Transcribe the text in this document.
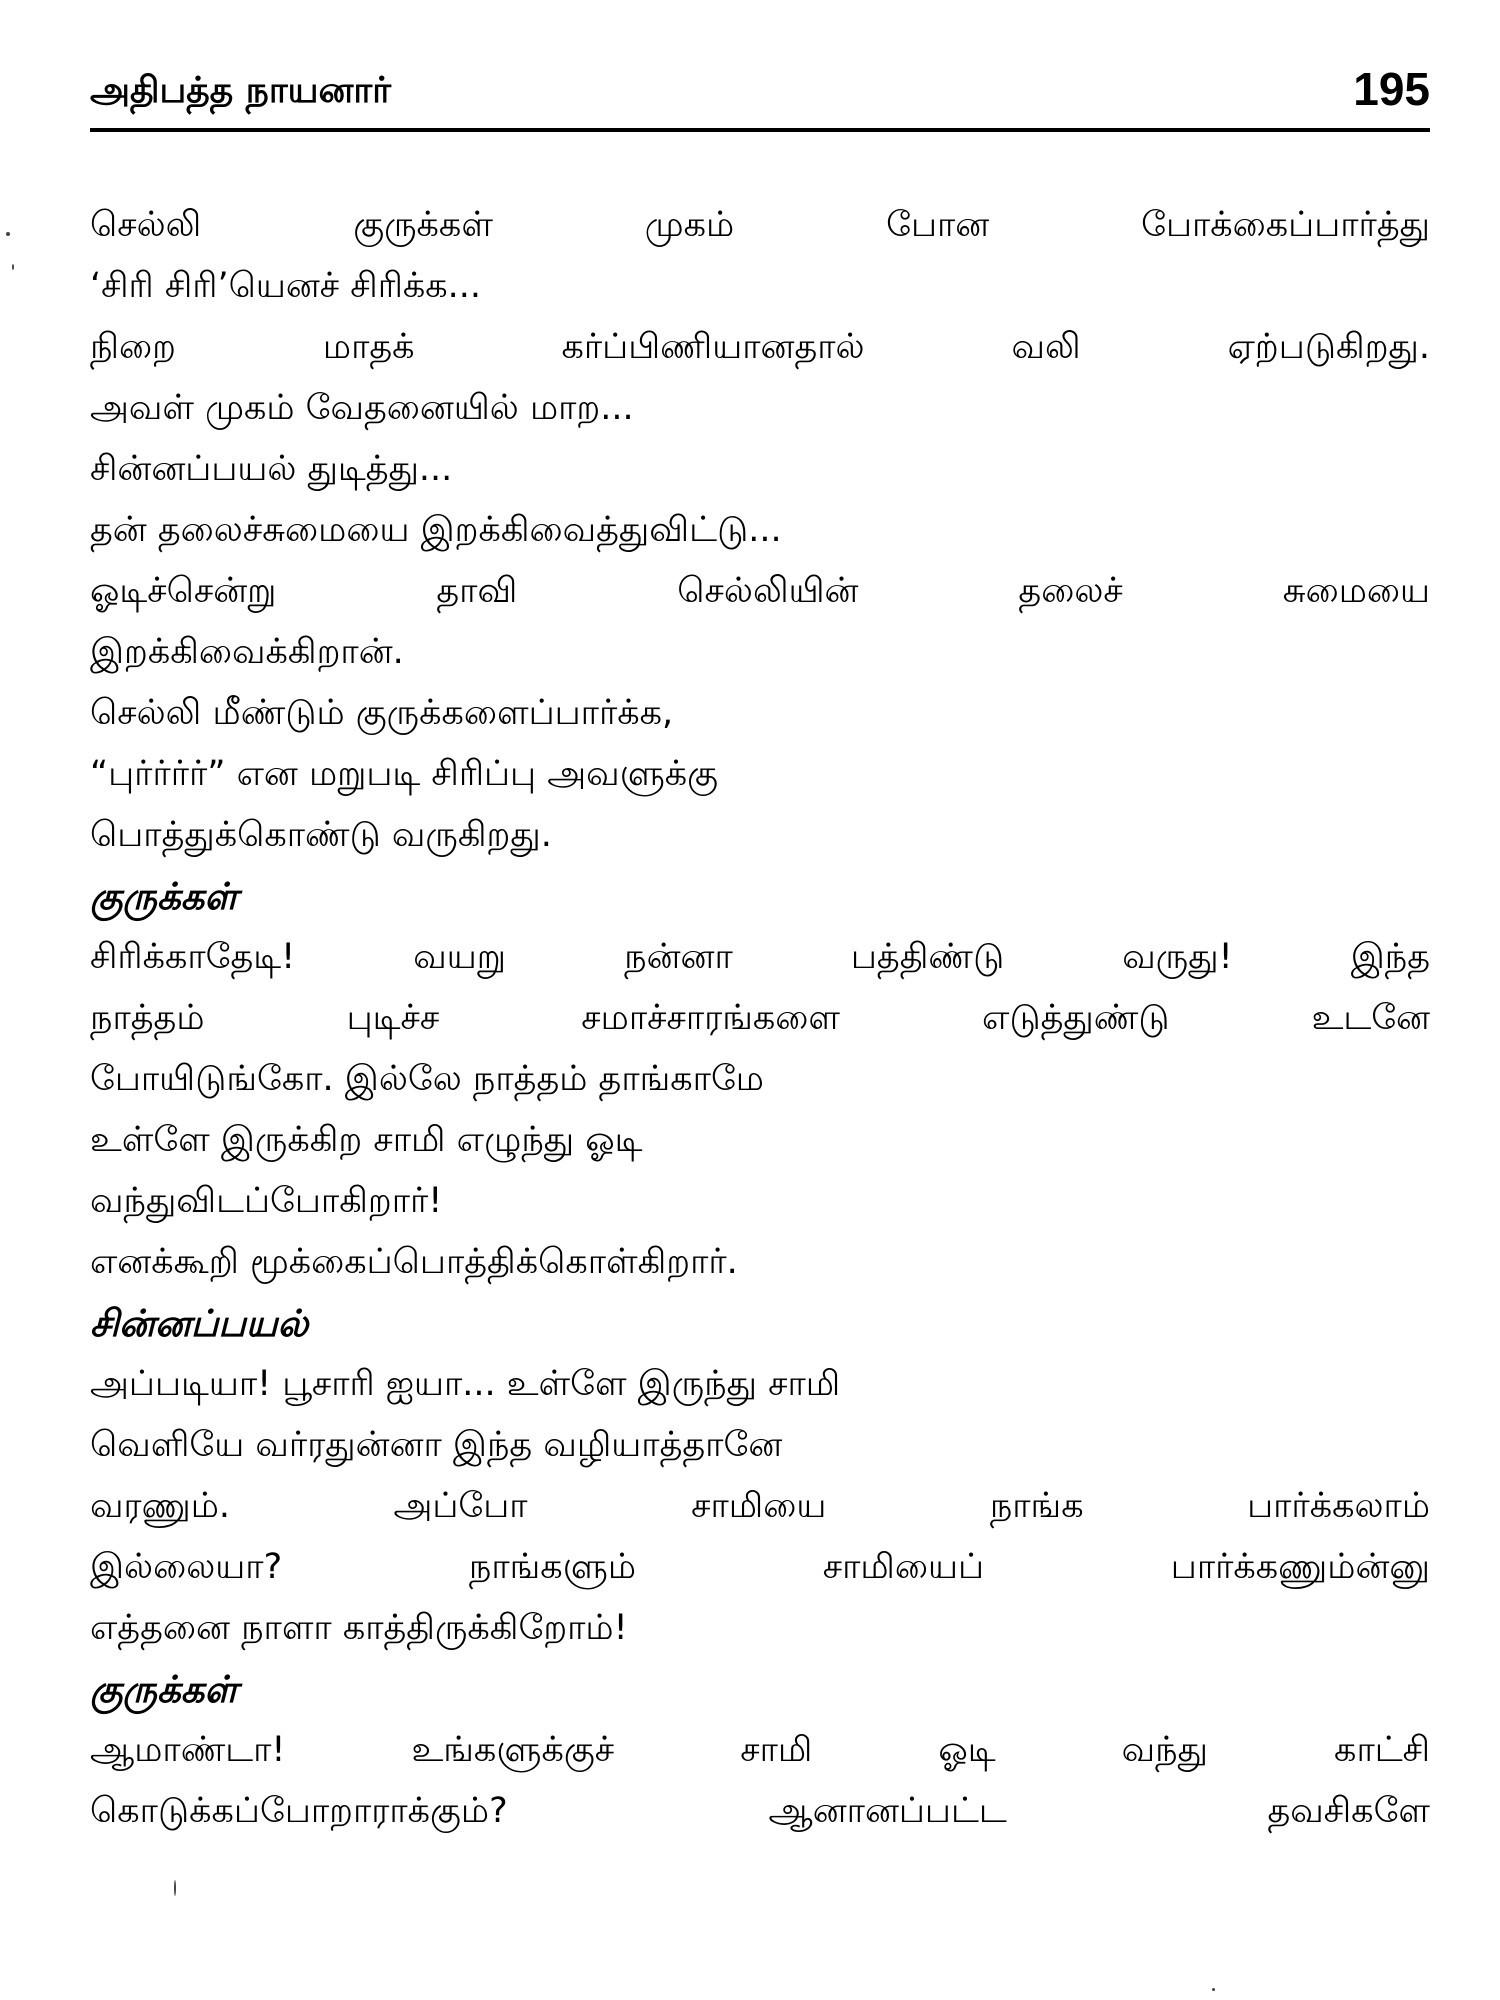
அதிபத்த நாயனார்	195
செல்லி குருக்கள் முகம் போன போக்கைப்பார்த்து
‘சிரி சிரி’யெனச் சிரிக்க...
நிறை மாதக் கர்ப்பிணியானதால் வலி ஏற்படுகிறது.
அவள் முகம் வேதனையில் மாற...
சின்னப்பயல் துடித்து...
தன் தலைச்சுமையை இறக்கிவைத்துவிட்டு...
ஓடிச்சென்று தாவி செல்லியின் தலைச் சுமையை
இறக்கிவைக்கிறான்.
செல்லி மீண்டும் குருக்களைப்பார்க்க,
“புர்ர்ர்ர்” என மறுபடி சிரிப்பு அவளுக்கு
பொத்துக்கொண்டு வருகிறது.
குருக்கள்
சிரிக்காதேடி! வயறு நன்னா பத்திண்டு வருது! இந்த
நாத்தம் புடிச்ச சமாச்சாரங்களை எடுத்துண்டு உடனே
போயிடுங்கோ. இல்லே நாத்தம் தாங்காமே
உள்ளே இருக்கிற சாமி எழுந்து ஓடி
வந்துவிடப்போகிறார்!
எனக்கூறி மூக்கைப்பொத்திக்கொள்கிறார்.
சின்னப்பயல்
அப்படியா! பூசாரி ஐயா... உள்ளே இருந்து சாமி
வெளியே வர்ரதுன்னா இந்த வழியாத்தானே
வரணும். அப்போ சாமியை நாங்க பார்க்கலாம்
இல்லையா? நாங்களும் சாமியைப் பார்க்கணும்ன்னு
எத்தனை நாளா காத்திருக்கிறோம்!
குருக்கள்
ஆமாண்டா! உங்களுக்குச் சாமி ஓடி வந்து காட்சி
கொடுக்கப்போறாராக்கும்? ஆனானப்பட்ட தவசிகளே
